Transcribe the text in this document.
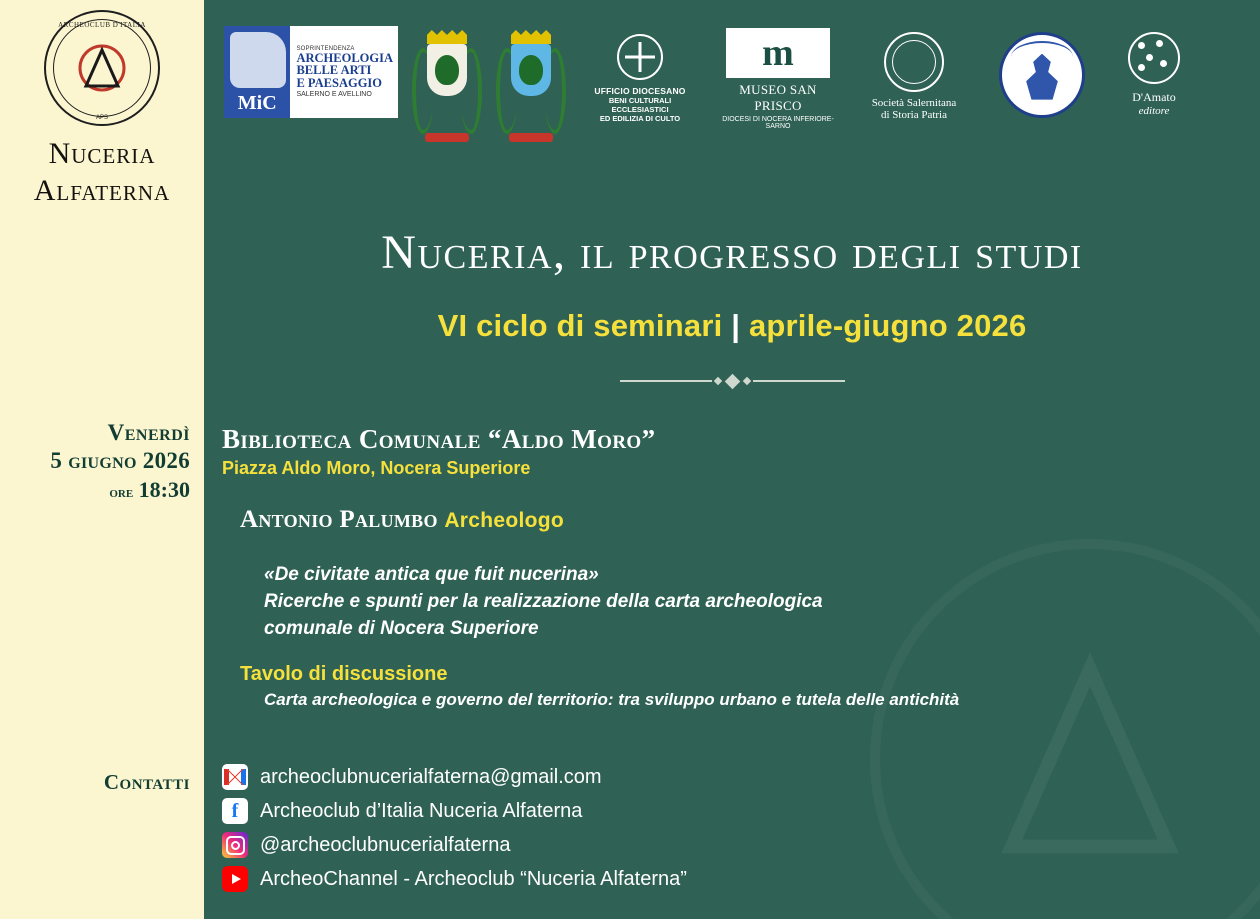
ARCHEOCLUB D'ITALIA
APS
Nuceria
Alfaterna
Venerdì
5 giugno 2026
ore 18:30
Contatti
MiC
SOPRINTENDENZA
ARCHEOLOGIA
BELLE ARTI
E PAESAGGIO
SALERNO E AVELLINO	UFFICIO DIOCESANO
BENI CULTURALI ECCLESIASTICI
ED EDILIZIA DI CULTO
m
MUSEO SAN PRISCO
DIOCESI DI NOCERA INFERIORE-SARNO
Società Salernitana
di Storia Patria
D'Amato
editore
Nuceria, il progresso degli studi
VI ciclo di seminari | aprile-giugno 2026
Biblioteca Comunale “Aldo Moro”
Piazza Aldo Moro, Nocera Superiore
Antonio Palumbo Archeologo
«De civitate antica que fuit nucerina»
Ricerche e spunti per la realizzazione della carta archeologica
comunale di Nocera Superiore
Tavolo di discussione
Carta archeologica e governo del territorio: tra sviluppo urbano e tutela delle antichità
archeoclubnucerialfaterna@gmail.com
f	Archeoclub d’Italia Nuceria Alfaterna
@archeoclubnucerialfaterna
ArcheoChannel - Archeoclub “Nuceria Alfaterna”
